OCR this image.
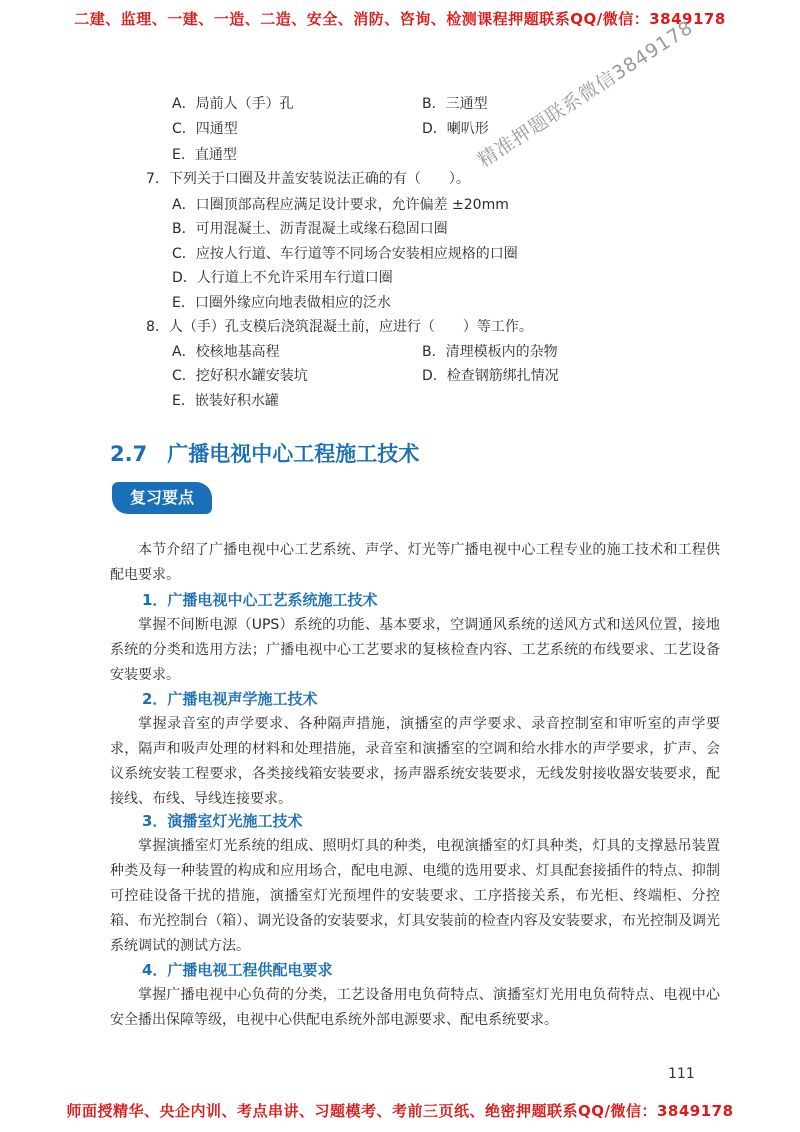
二建、监理、一建、一造、二造、安全、消防、咨询、检测课程押题联系QQ/微信：3849178
精准押题联系微信3849178
A．局前人（手）孔	B．三通型
C．四通型	D．喇叭形
E．直通型
7．下列关于口圈及井盖安装说法正确的有（　　）。
A．口圈顶部高程应满足设计要求，允许偏差 ±20mm
B．可用混凝土、沥青混凝土或缘石稳固口圈
C．应按人行道、车行道等不同场合安装相应规格的口圈
D．人行道上不允许采用车行道口圈
E．口圈外缘应向地表做相应的泛水
8．人（手）孔支模后浇筑混凝土前，应进行（　　）等工作。
A．校核地基高程	B．清理模板内的杂物
C．挖好积水罐安装坑	D．检查钢筋绑扎情况
E．嵌装好积水罐
2.7 广播电视中心工程施工技术
复习要点
本节介绍了广播电视中心工艺系统、声学、灯光等广播电视中心工程专业的施工技术和工程供配电要求。
1．广播电视中心工艺系统施工技术
掌握不间断电源（UPS）系统的功能、基本要求，空调通风系统的送风方式和送风位置，接地系统的分类和选用方法；广播电视中心工艺要求的复核检查内容、工艺系统的布线要求、工艺设备安装要求。
2．广播电视声学施工技术
掌握录音室的声学要求、各种隔声措施，演播室的声学要求、录音控制室和审听室的声学要求，隔声和吸声处理的材料和处理措施，录音室和演播室的空调和给水排水的声学要求，扩声、会议系统安装工程要求，各类接线箱安装要求，扬声器系统安装要求，无线发射接收器安装要求，配接线、布线、导线连接要求。
3．演播室灯光施工技术
掌握演播室灯光系统的组成、照明灯具的种类，电视演播室的灯具种类，灯具的支撑悬吊装置种类及每一种装置的构成和应用场合，配电电源、电缆的选用要求、灯具配套接插件的特点、抑制可控硅设备干扰的措施，演播室灯光预埋件的安装要求、工序搭接关系，布光柜、终端柜、分控箱、布光控制台（箱）、调光设备的安装要求，灯具安装前的检查内容及安装要求，布光控制及调光系统调试的测试方法。
4．广播电视工程供配电要求
掌握广播电视中心负荷的分类，工艺设备用电负荷特点、演播室灯光用电负荷特点、电视中心安全播出保障等级，电视中心供配电系统外部电源要求、配电系统要求。
111
师面授精华、央企内训、考点串讲、习题模考、考前三页纸、绝密押题联系QQ/微信：3849178
